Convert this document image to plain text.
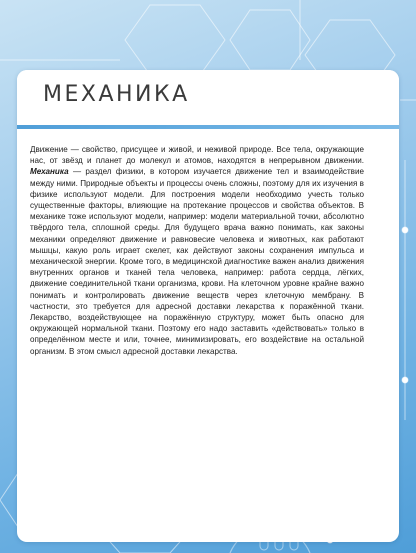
МЕХАНИКА

Движение — свойство, присущее и живой, и неживой природе. Все тела, окружающие нас, от звёзд и планет до молекул и атомов, находятся в непрерывном движении. Механика — раздел физики, в котором изучается движение тел и взаимодействие между ними. Природные объекты и процессы очень сложны, поэтому для их изучения в физике используют модели. Для построения модели необходимо учесть только существенные факторы, влияющие на протекание процессов и свойства объектов. В механике тоже используют модели, например: модели материальной точки, абсолютно твёрдого тела, сплошной среды. Для будущего врача важно понимать, как законы механики определяют движение и равновесие человека и животных, как работают мышцы, какую роль играет скелет, как действуют законы сохранения импульса и механической энергии. Кроме того, в медицинской диагностике важен анализ движения внутренних органов и тканей тела человека, например: работа сердца, лёгких, движение соединительной ткани организма, крови. На клеточном уровне крайне важно понимать и контролировать движение веществ через клеточную мембрану. В частности, это требуется для адресной доставки лекарства к поражённой ткани. Лекарство, воздействующее на поражённую структуру, может быть опасно для окружающей нормальной ткани. Поэтому его надо заставить «действовать» только в определённом месте и или, точнее, минимизировать, его воздействие на остальной организм. В этом смысл адресной доставки лекарства.
